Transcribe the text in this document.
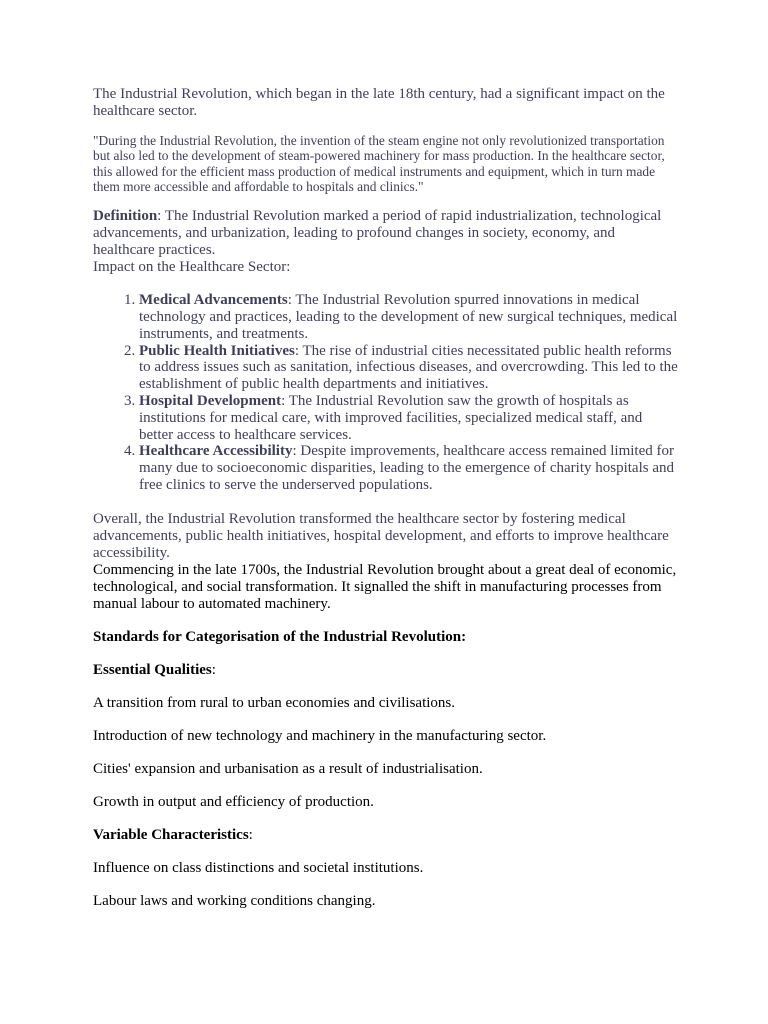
The Industrial Revolution, which began in the late 18th century, had a significant impact on the healthcare sector.

"During the Industrial Revolution, the invention of the steam engine not only revolutionized transportation but also led to the development of steam-powered machinery for mass production. In the healthcare sector, this allowed for the efficient mass production of medical instruments and equipment, which in turn made them more accessible and affordable to hospitals and clinics."

Definition: The Industrial Revolution marked a period of rapid industrialization, technological advancements, and urbanization, leading to profound changes in society, economy, and healthcare practices.

Impact on the Healthcare Sector:

1. Medical Advancements: The Industrial Revolution spurred innovations in medical technology and practices, leading to the development of new surgical techniques, medical instruments, and treatments.
2. Public Health Initiatives: The rise of industrial cities necessitated public health reforms to address issues such as sanitation, infectious diseases, and overcrowding. This led to the establishment of public health departments and initiatives.
3. Hospital Development: The Industrial Revolution saw the growth of hospitals as institutions for medical care, with improved facilities, specialized medical staff, and better access to healthcare services.
4. Healthcare Accessibility: Despite improvements, healthcare access remained limited for many due to socioeconomic disparities, leading to the emergence of charity hospitals and free clinics to serve the underserved populations.

Overall, the Industrial Revolution transformed the healthcare sector by fostering medical advancements, public health initiatives, hospital development, and efforts to improve healthcare accessibility.

Commencing in the late 1700s, the Industrial Revolution brought about a great deal of economic, technological, and social transformation. It signalled the shift in manufacturing processes from manual labour to automated machinery.

Standards for Categorisation of the Industrial Revolution:

Essential Qualities:

A transition from rural to urban economies and civilisations.

Introduction of new technology and machinery in the manufacturing sector.

Cities' expansion and urbanisation as a result of industrialisation.

Growth in output and efficiency of production.

Variable Characteristics:

Influence on class distinctions and societal institutions.

Labour laws and working conditions changing.
